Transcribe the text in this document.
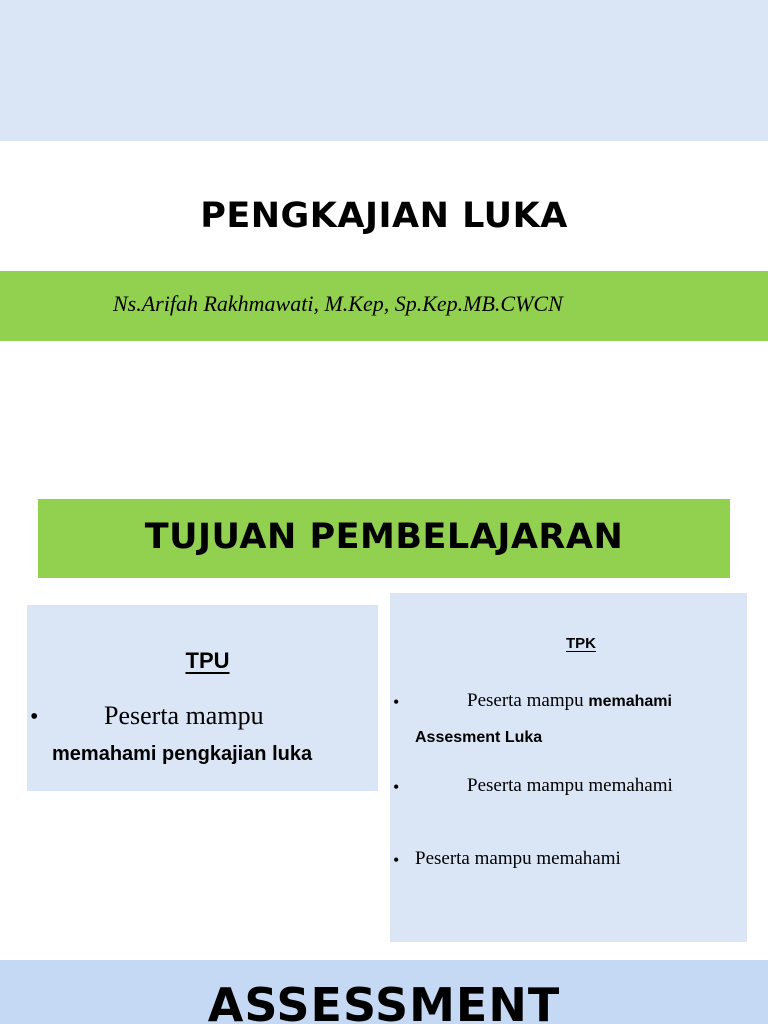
PENGKAJIAN LUKA
Ns.Arifah Rakhmawati, M.Kep, Sp.Kep.MB.CWCN
TUJUAN PEMBELAJARAN
TPU
•	Peserta mampu
memahami pengkajian luka
TPK
•	Peserta mampu memahami
Assesment Luka
•	Peserta mampu memahami
• Peserta mampu memahami
ASSESSMENT
